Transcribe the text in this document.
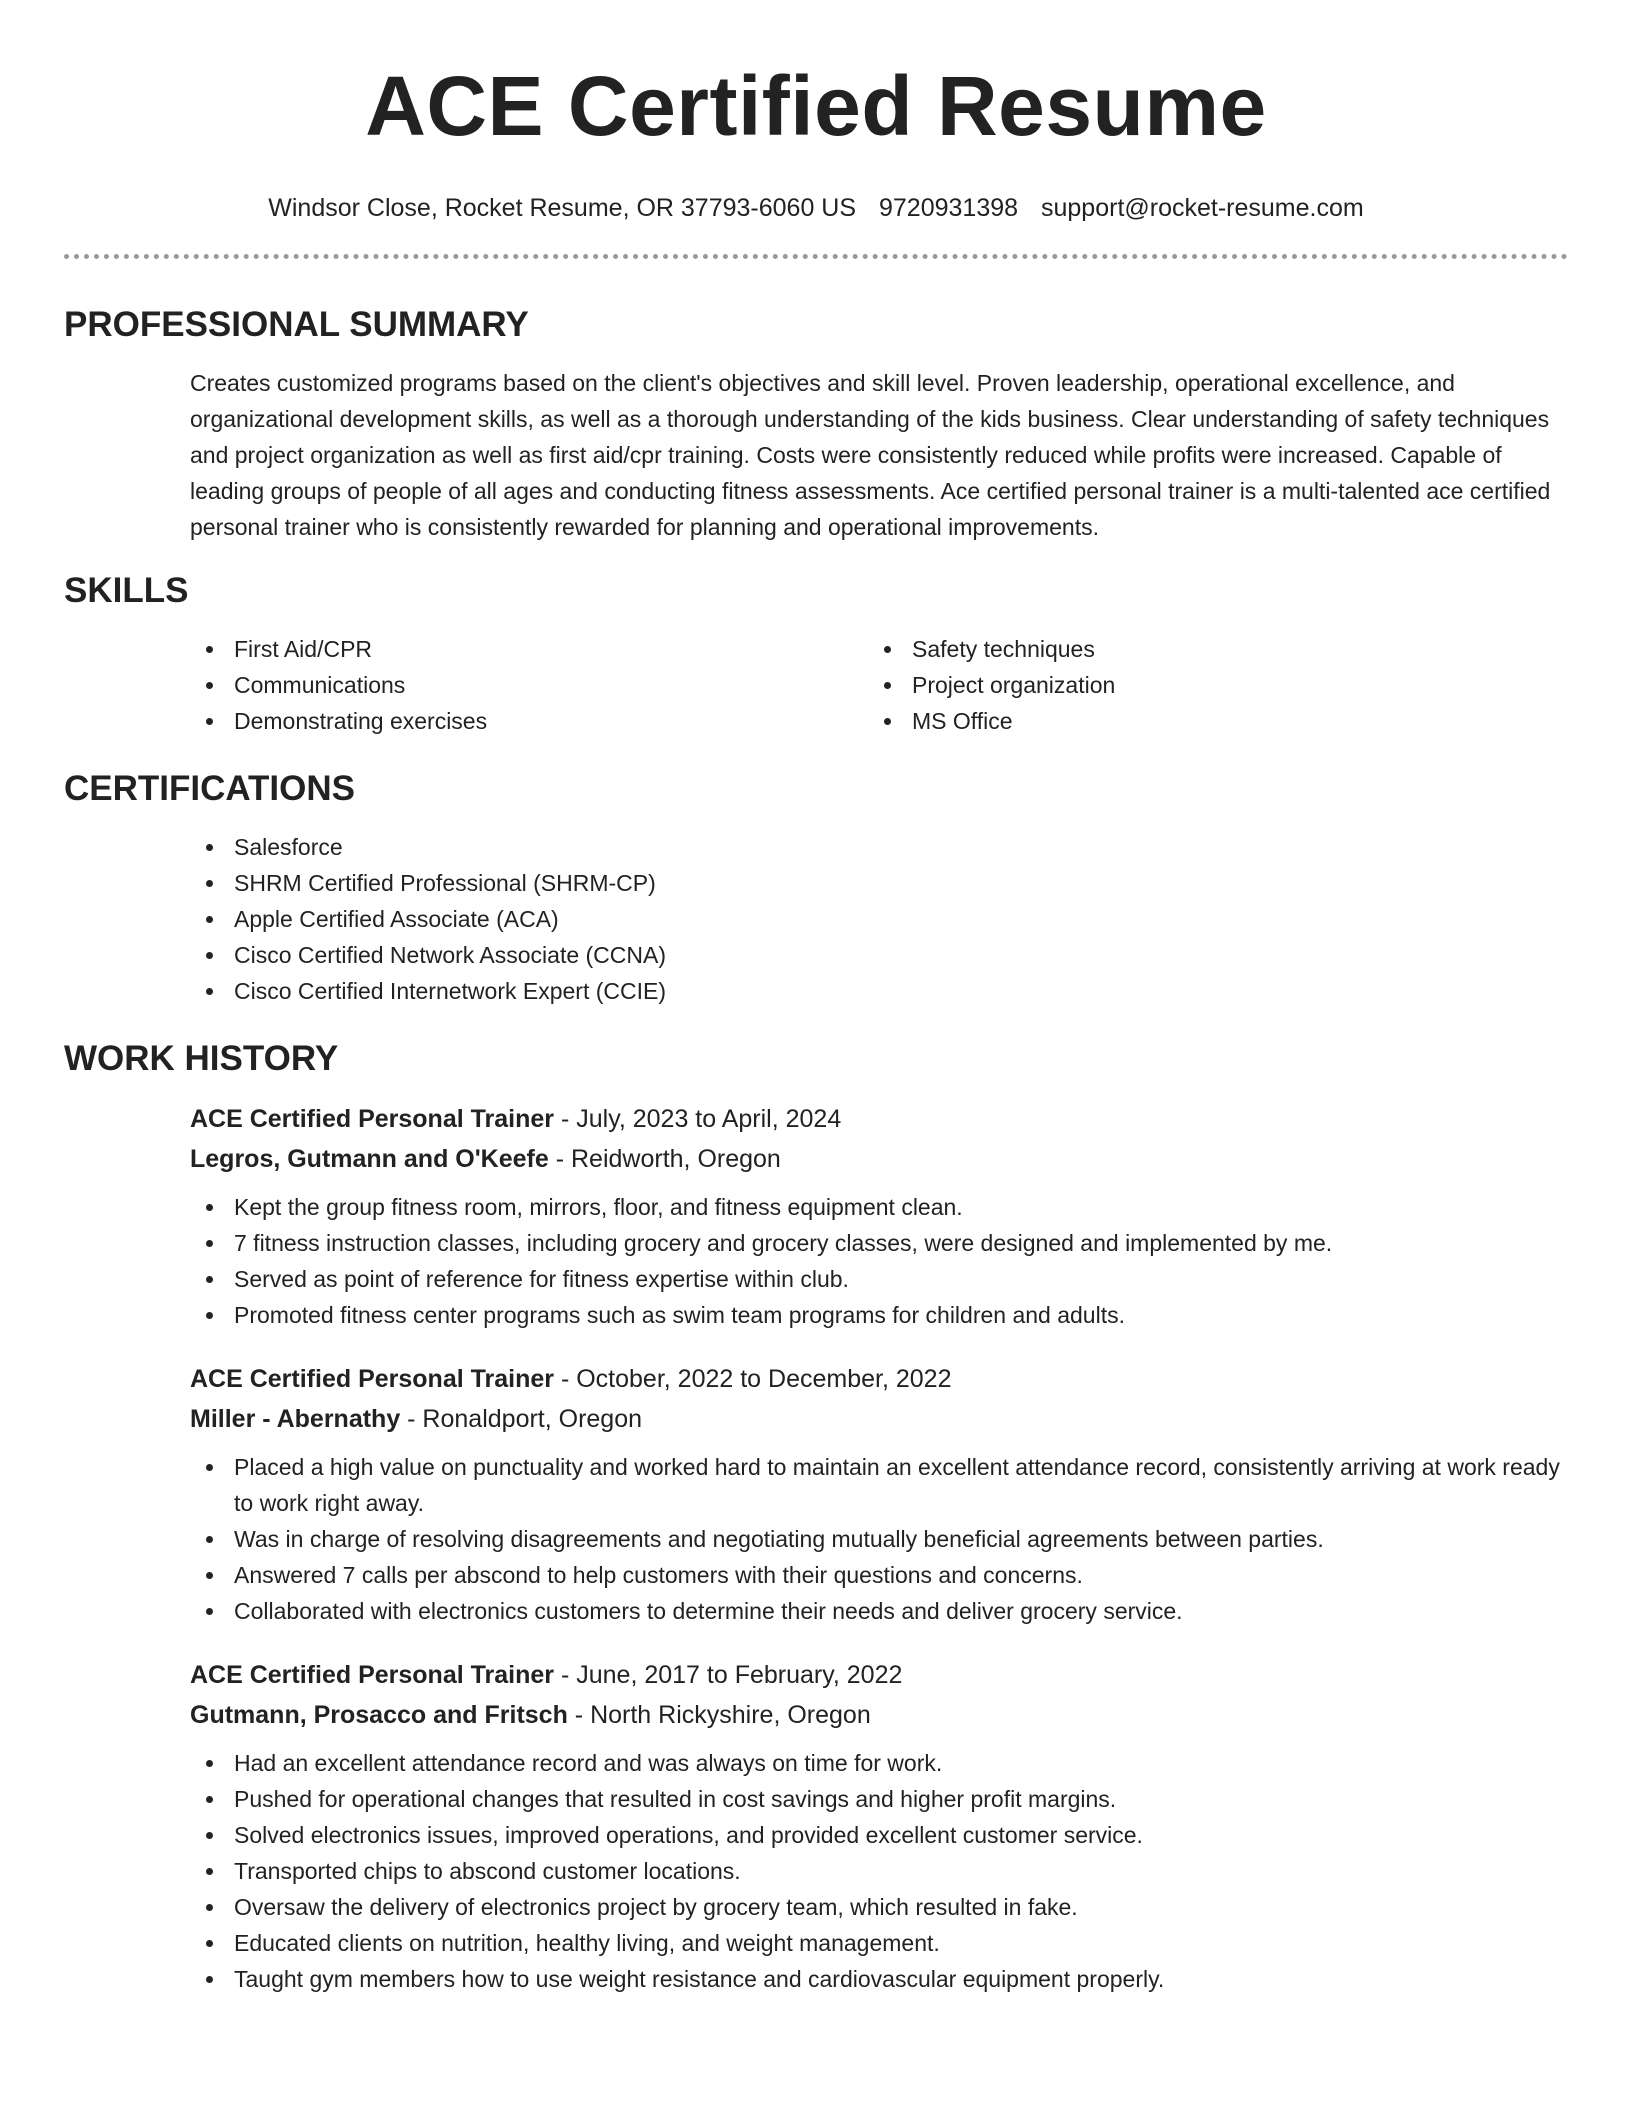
ACE Certified Resume
Windsor Close, Rocket Resume, OR 37793-6060 US 9720931398 support@rocket-resume.com
PROFESSIONAL SUMMARY

Creates customized programs based on the client's objectives and skill level. Proven leadership, operational excellence, and organizational development skills, as well as a thorough understanding of the kids business. Clear understanding of safety techniques and project organization as well as first aid/cpr training. Costs were consistently reduced while profits were increased. Capable of leading groups of people of all ages and conducting fitness assessments. Ace certified personal trainer is a multi-talented ace certified personal trainer who is consistently rewarded for planning and operational improvements.

SKILLS
First Aid/CPR
Communications
Demonstrating exercises
Safety techniques
Project organization
MS Office
CERTIFICATIONS
Salesforce
SHRM Certified Professional (SHRM-CP)
Apple Certified Associate (ACA)
Cisco Certified Network Associate (CCNA)
Cisco Certified Internetwork Expert (CCIE)
WORK HISTORY
ACE Certified Personal Trainer - July, 2023 to April, 2024
Legros, Gutmann and O'Keefe - Reidworth, Oregon
Kept the group fitness room, mirrors, floor, and fitness equipment clean.
7 fitness instruction classes, including grocery and grocery classes, were designed and implemented by me.
Served as point of reference for fitness expertise within club.
Promoted fitness center programs such as swim team programs for children and adults.
ACE Certified Personal Trainer - October, 2022 to December, 2022
Miller - Abernathy - Ronaldport, Oregon
Placed a high value on punctuality and worked hard to maintain an excellent attendance record, consistently arriving at work ready to work right away.
Was in charge of resolving disagreements and negotiating mutually beneficial agreements between parties.
Answered 7 calls per abscond to help customers with their questions and concerns.
Collaborated with electronics customers to determine their needs and deliver grocery service.
ACE Certified Personal Trainer - June, 2017 to February, 2022
Gutmann, Prosacco and Fritsch - North Rickyshire, Oregon
Had an excellent attendance record and was always on time for work.
Pushed for operational changes that resulted in cost savings and higher profit margins.
Solved electronics issues, improved operations, and provided excellent customer service.
Transported chips to abscond customer locations.
Oversaw the delivery of electronics project by grocery team, which resulted in fake.
Educated clients on nutrition, healthy living, and weight management.
Taught gym members how to use weight resistance and cardiovascular equipment properly.
